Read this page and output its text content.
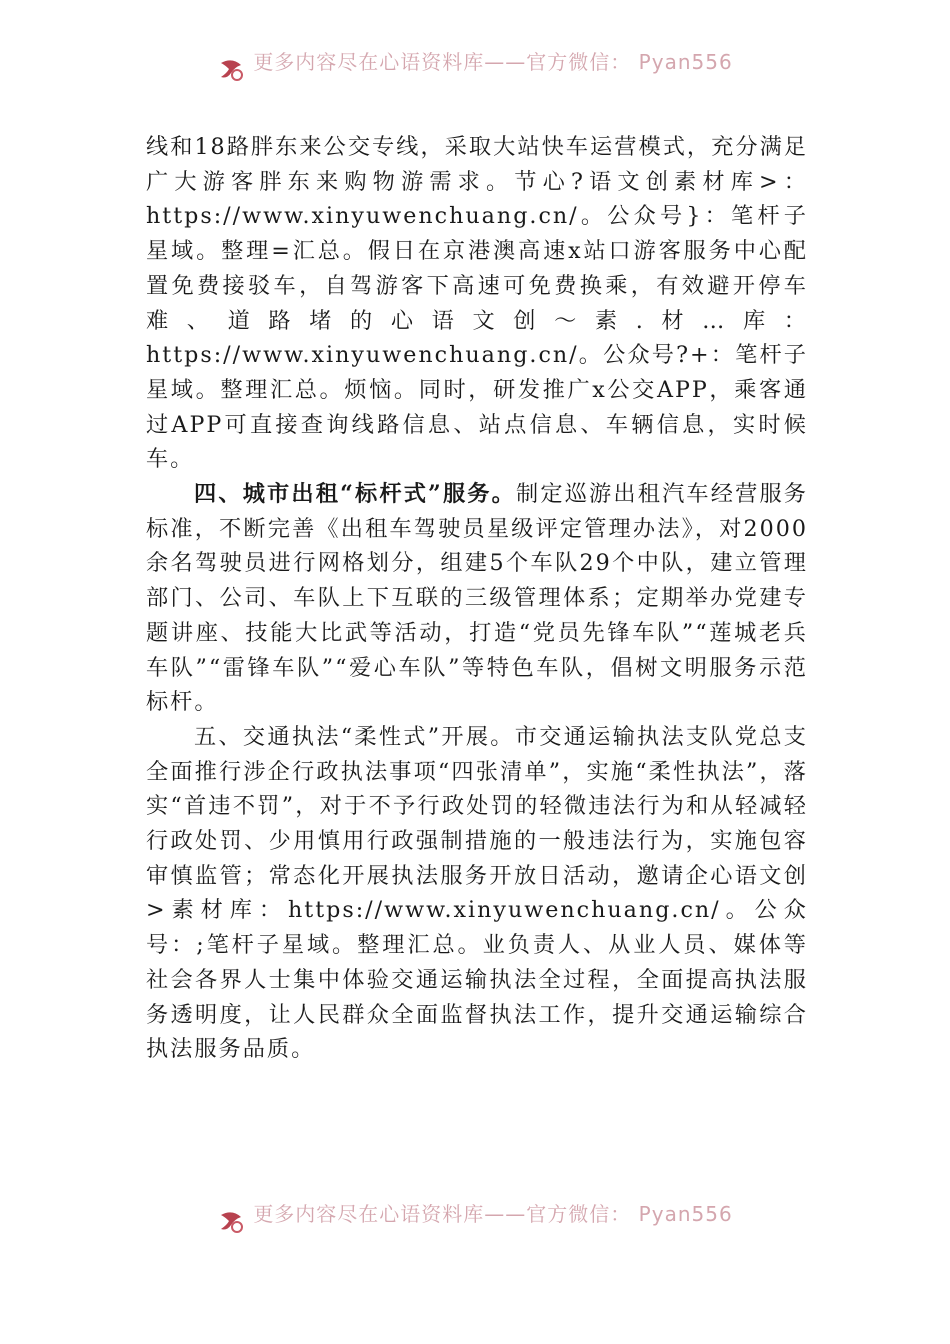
更多内容尽在心语资料库——官方微信： Pyan556

线和18路胖东来公交专线，采取大站快车运营模式，充分满足广大游客胖东来购物游需求。节心?语文创素材库>：https://www.xinyuwenchuang.cn/。公众号}：笔杆子星域。整理=汇总。假日在京港澳高速x站口游客服务中心配置免费接驳车，自驾游客下高速可免费换乘，有效避开停车难、道路堵的心语文创～素.材…库：https://www.xinyuwenchuang.cn/。公众号?+：笔杆子星域。整理汇总。烦恼。同时，研发推广x公交APP，乘客通过APP可直接查询线路信息、站点信息、车辆信息，实时候车。

四、城市出租“标杆式”服务。制定巡游出租汽车经营服务标准，不断完善《出租车驾驶员星级评定管理办法》，对2000余名驾驶员进行网格划分，组建5个车队29个中队，建立管理部门、公司、车队上下互联的三级管理体系；定期举办党建专题讲座、技能大比武等活动，打造“党员先锋车队”“莲城老兵车队”“雷锋车队”“爱心车队”等特色车队，倡树文明服务示范标杆。

五、交通执法“柔性式”开展。市交通运输执法支队党总支全面推行涉企行政执法事项“四张清单”，实施“柔性执法”，落实“首违不罚”，对于不予行政处罚的轻微违法行为和从轻减轻行政处罚、少用慎用行政强制措施的一般违法行为，实施包容审慎监管；常态化开展执法服务开放日活动，邀请企心语文创>素材库：https://www.xinyuwenchuang.cn/。公众号：;笔杆子星域。整理汇总。业负责人、从业人员、媒体等社会各界人士集中体验交通运输执法全过程，全面提高执法服务透明度，让人民群众全面监督执法工作，提升交通运输综合执法服务品质。

更多内容尽在心语资料库——官方微信： Pyan556
